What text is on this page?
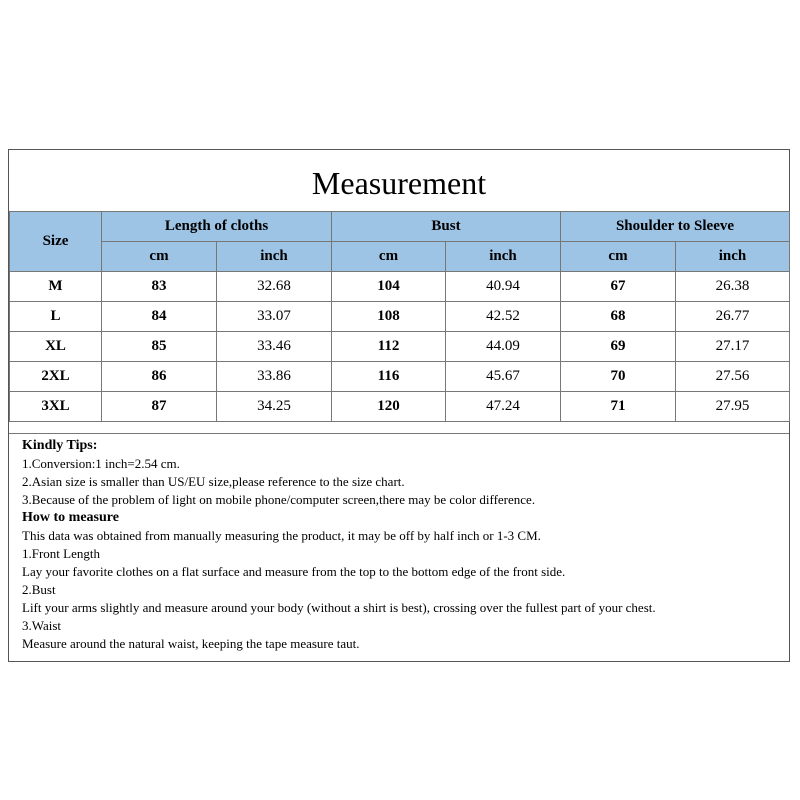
Measurement
Size	Length of cloths		Bust		Shoulder to Sleeve	
	cm	inch	cm	inch	cm	inch
M	83	32.68	104	40.94	67	26.38
L	84	33.07	108	42.52	68	26.77
XL	85	33.46	112	44.09	69	27.17
2XL	86	33.86	116	45.67	70	27.56
3XL	87	34.25	120	47.24	71	27.95
Kindly Tips:
1.Conversion:1 inch=2.54 cm.
2.Asian size is smaller than US/EU size,please reference to the size chart.
3.Because of the problem of light on mobile phone/computer screen,there may be color difference.
How to measure
This data was obtained from manually measuring the product, it may be off by half inch or 1-3 CM.
1.Front Length
Lay your favorite clothes on a flat surface and measure from the top to the bottom edge of the front side.
2.Bust
Lift your arms slightly and measure around your body (without a shirt is best), crossing over the fullest part of your chest.
3.Waist
Measure around the natural waist, keeping the tape measure taut.
